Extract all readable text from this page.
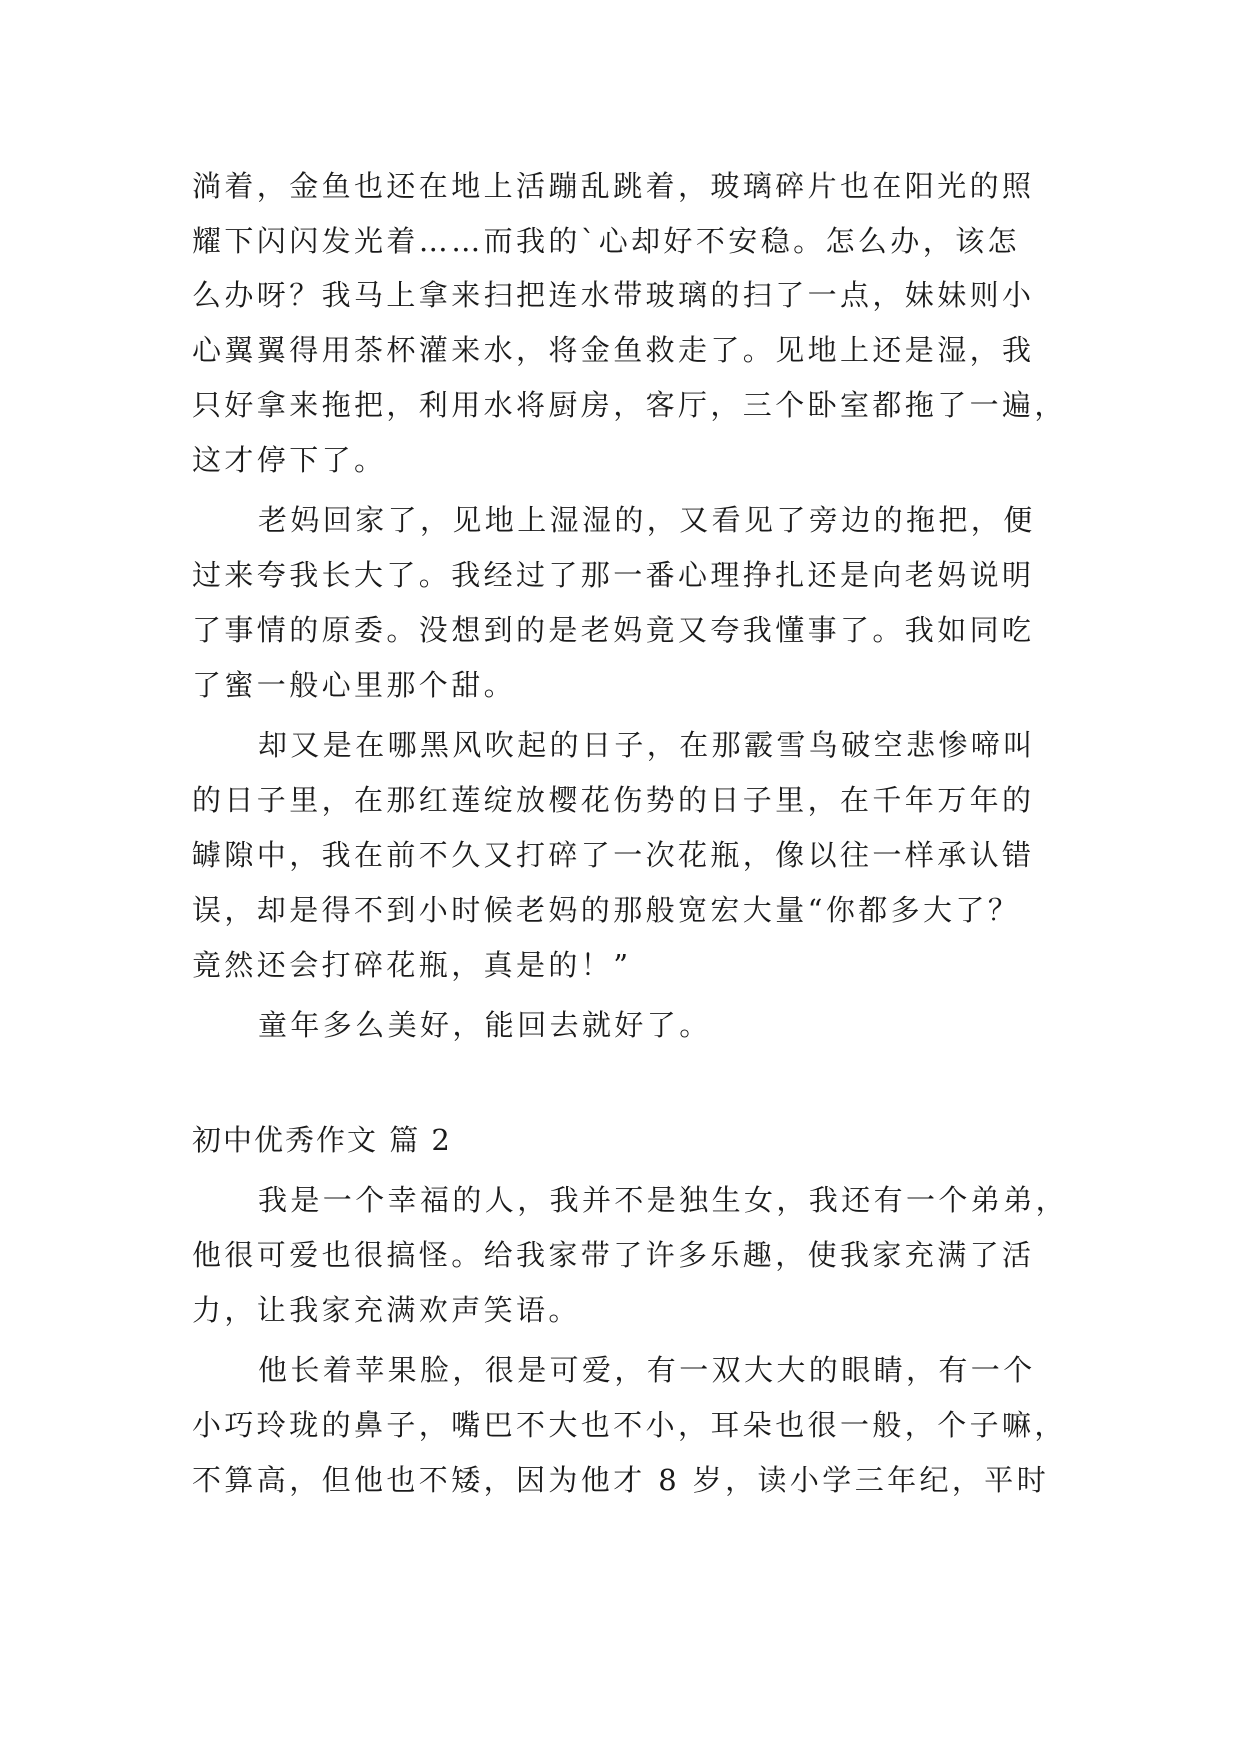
淌着，金鱼也还在地上活蹦乱跳着，玻璃碎片也在阳光的照
耀下闪闪发光着……而我的`心却好不安稳。怎么办，该怎
么办呀？我马上拿来扫把连水带玻璃的扫了一点，妹妹则小
心翼翼得用茶杯灌来水，将金鱼救走了。见地上还是湿，我
只好拿来拖把，利用水将厨房，客厅，三个卧室都拖了一遍，
这才停下了。
老妈回家了，见地上湿湿的，又看见了旁边的拖把，便
过来夸我长大了。我经过了那一番心理挣扎还是向老妈说明
了事情的原委。没想到的是老妈竟又夸我懂事了。我如同吃
了蜜一般心里那个甜。
却又是在哪黑风吹起的日子，在那霰雪鸟破空悲惨啼叫
的日子里，在那红莲绽放樱花伤势的日子里，在千年万年的
罅隙中，我在前不久又打碎了一次花瓶，像以往一样承认错
误，却是得不到小时候老妈的那般宽宏大量“你都多大了？
竟然还会打碎花瓶，真是的！”
童年多么美好，能回去就好了。
初中优秀作文 篇 2
我是一个幸福的人，我并不是独生女，我还有一个弟弟，
他很可爱也很搞怪。给我家带了许多乐趣，使我家充满了活
力，让我家充满欢声笑语。
他长着苹果脸，很是可爱，有一双大大的眼睛，有一个
小巧玲珑的鼻子，嘴巴不大也不小，耳朵也很一般，个子嘛，
不算高，但他也不矮，因为他才 8 岁，读小学三年纪，平时
